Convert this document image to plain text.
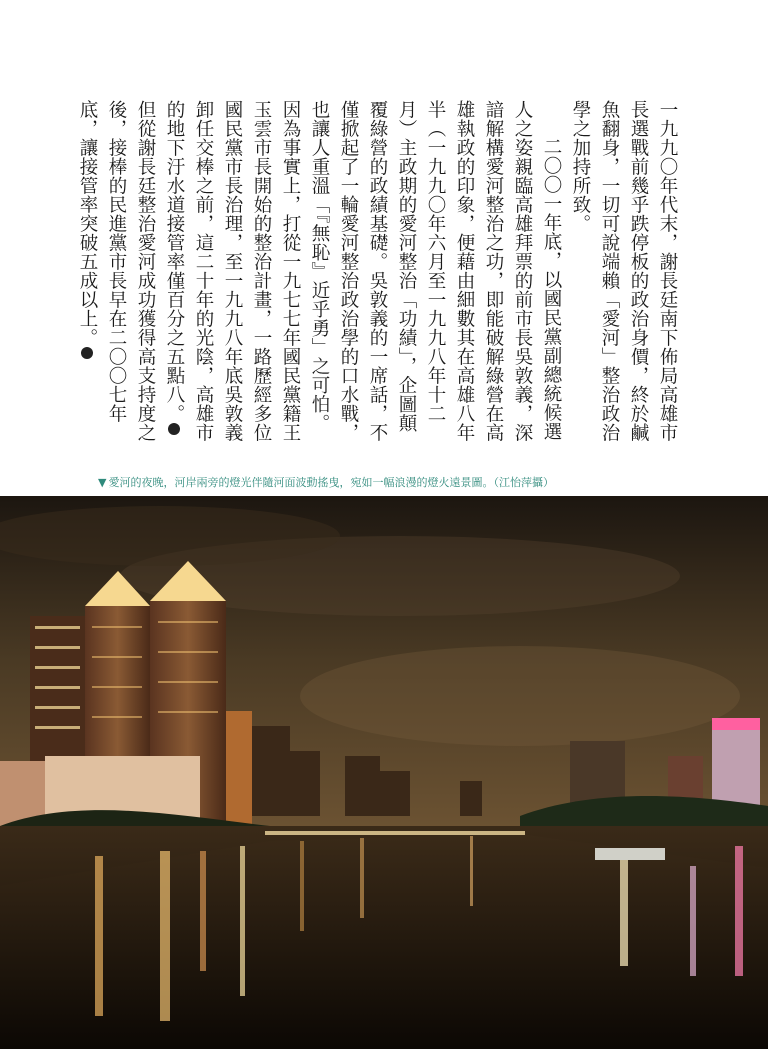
一九九〇年代末，謝長廷南下佈局高雄市長選戰前幾乎跌停板的政治身價，終於鹹魚翻身，一切可說端賴「愛河」整治政治學之加持所致。

二〇〇一年底，以國民黨副總統候選人之姿親臨高雄拜票的前市長吳敦義，深諳解構愛河整治之功，即能破解綠營在高雄執政的印象，便藉由細數其在高雄八年半（一九九〇年六月至一九九八年十二月）主政期的愛河整治「功績」，企圖顛覆綠營的政績基礎。吳敦義的一席話，不僅掀起了一輪愛河整治政治學的口水戰，也讓人重溫「『無恥』近乎勇」之可怕。因為事實上，打從一九七七年國民黨籍王玉雲市長開始的整治計畫，一路歷經多位國民黨市長治理，至一九九八年底吳敦義卸任交棒之前，這二十年的光陰，高雄市的地下汙水道接管率僅百分之五點八。37但從謝長廷整治愛河成功獲得高支持度之後，接棒的民進黨市長早在二〇〇七年底，讓接管率突破五成以上。38

▼ 愛河的夜晚，河岸兩旁的燈光伴隨河面波動搖曳，宛如一幅浪漫的燈火遠景圖。（江怡萍攝）
